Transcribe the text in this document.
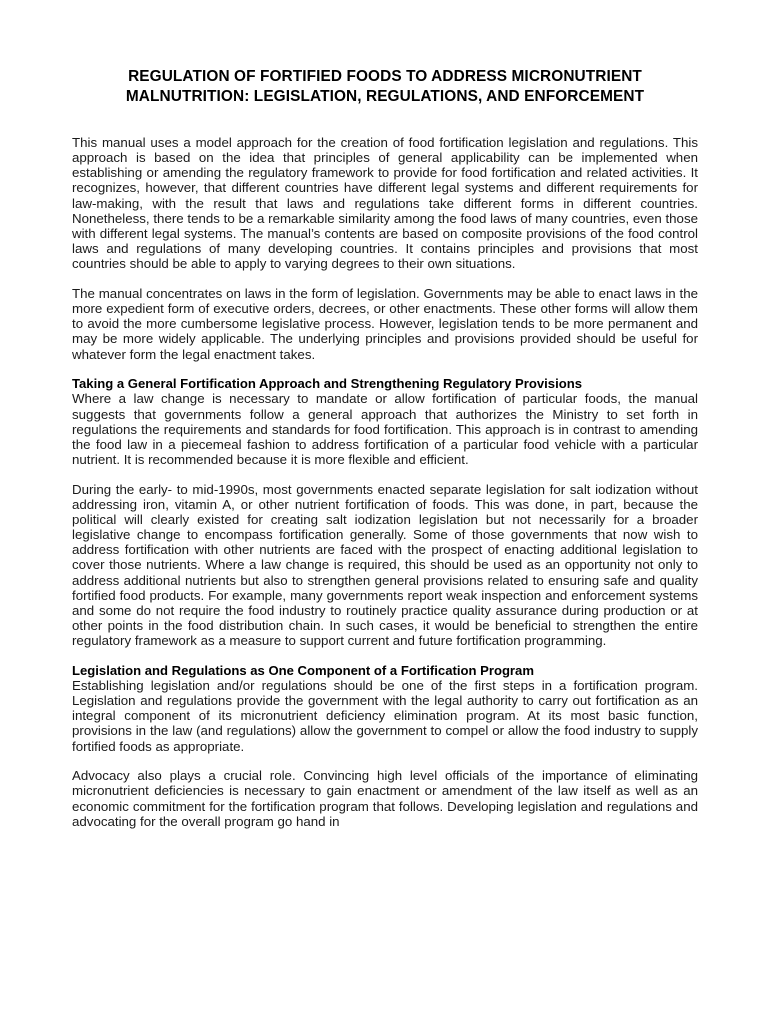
REGULATION OF FORTIFIED FOODS TO ADDRESS MICRONUTRIENT MALNUTRITION: LEGISLATION, REGULATIONS, AND ENFORCEMENT

This manual uses a model approach for the creation of food fortification legislation and regulations. This approach is based on the idea that principles of general applicability can be implemented when establishing or amending the regulatory framework to provide for food fortification and related activities. It recognizes, however, that different countries have different legal systems and different requirements for law-making, with the result that laws and regulations take different forms in different countries. Nonetheless, there tends to be a remarkable similarity among the food laws of many countries, even those with different legal systems. The manual’s contents are based on composite provisions of the food control laws and regulations of many developing countries. It contains principles and provisions that most countries should be able to apply to varying degrees to their own situations.

The manual concentrates on laws in the form of legislation. Governments may be able to enact laws in the more expedient form of executive orders, decrees, or other enactments. These other forms will allow them to avoid the more cumbersome legislative process. However, legislation tends to be more permanent and may be more widely applicable. The underlying principles and provisions provided should be useful for whatever form the legal enactment takes.

Taking a General Fortification Approach and Strengthening Regulatory Provisions

Where a law change is necessary to mandate or allow fortification of particular foods, the manual suggests that governments follow a general approach that authorizes the Ministry to set forth in regulations the requirements and standards for food fortification. This approach is in contrast to amending the food law in a piecemeal fashion to address fortification of a particular food vehicle with a particular nutrient. It is recommended because it is more flexible and efficient.

During the early- to mid-1990s, most governments enacted separate legislation for salt iodization without addressing iron, vitamin A, or other nutrient fortification of foods. This was done, in part, because the political will clearly existed for creating salt iodization legislation but not necessarily for a broader legislative change to encompass fortification generally. Some of those governments that now wish to address fortification with other nutrients are faced with the prospect of enacting additional legislation to cover those nutrients. Where a law change is required, this should be used as an opportunity not only to address additional nutrients but also to strengthen general provisions related to ensuring safe and quality fortified food products. For example, many governments report weak inspection and enforcement systems and some do not require the food industry to routinely practice quality assurance during production or at other points in the food distribution chain. In such cases, it would be beneficial to strengthen the entire regulatory framework as a measure to support current and future fortification programming.

Legislation and Regulations as One Component of a Fortification Program

Establishing legislation and/or regulations should be one of the first steps in a fortification program. Legislation and regulations provide the government with the legal authority to carry out fortification as an integral component of its micronutrient deficiency elimination program. At its most basic function, provisions in the law (and regulations) allow the government to compel or allow the food industry to supply fortified foods as appropriate.

Advocacy also plays a crucial role. Convincing high level officials of the importance of eliminating micronutrient deficiencies is necessary to gain enactment or amendment of the law itself as well as an economic commitment for the fortification program that follows. Developing legislation and regulations and advocating for the overall program go hand in
